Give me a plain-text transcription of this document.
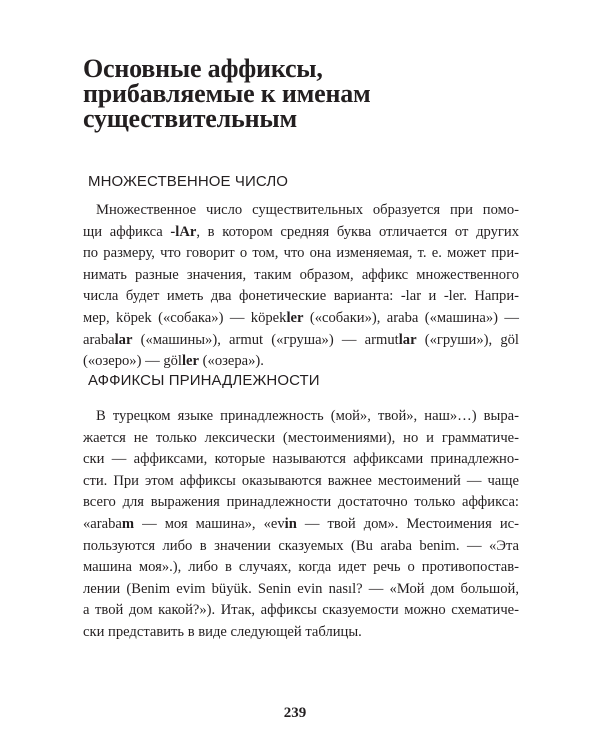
Основные аффиксы,
прибавляемые к именам
существительным
МНОЖЕСТВЕННОЕ ЧИСЛО

Множественное число существительных образуется при помо-
щи аффикса -lAr, в котором средняя буква отличается от других
по размеру, что говорит о том, что она изменяемая, т. е. может при-
нимать разные значения, таким образом, аффикс множественного
числа будет иметь два фонетические варианта: -lar и -ler. Напри-
мер, köpek («собака») — köpekler («собаки»), araba («машина») —
arabalar («машины»), armut («груша») — armutlar («груши»), göl
(«озеро») — göller («озера»).

АФФИКСЫ ПРИНАДЛЕЖНОСТИ

В турецком языке принадлежность (мой», твой», наш»…) выра-
жается не только лексически (местоимениями), но и грамматиче-
ски — аффиксами, которые называются аффиксами принадлежно-
сти. При этом аффиксы оказываются важнее местоимений — чаще
всего для выражения принадлежности достаточно только аффикса:
«arabam — моя машина», «evin — твой дом». Местоимения ис-
пользуются либо в значении сказуемых (Bu araba benim. — «Эта
машина моя».), либо в случаях, когда идет речь о противопостав-
лении (Benim evim büyük. Senin evin nasıl? — «Мой дом большой,
а твой дом какой?»). Итак, аффиксы сказуемости можно схематиче-
ски представить в виде следующей таблицы.

239
